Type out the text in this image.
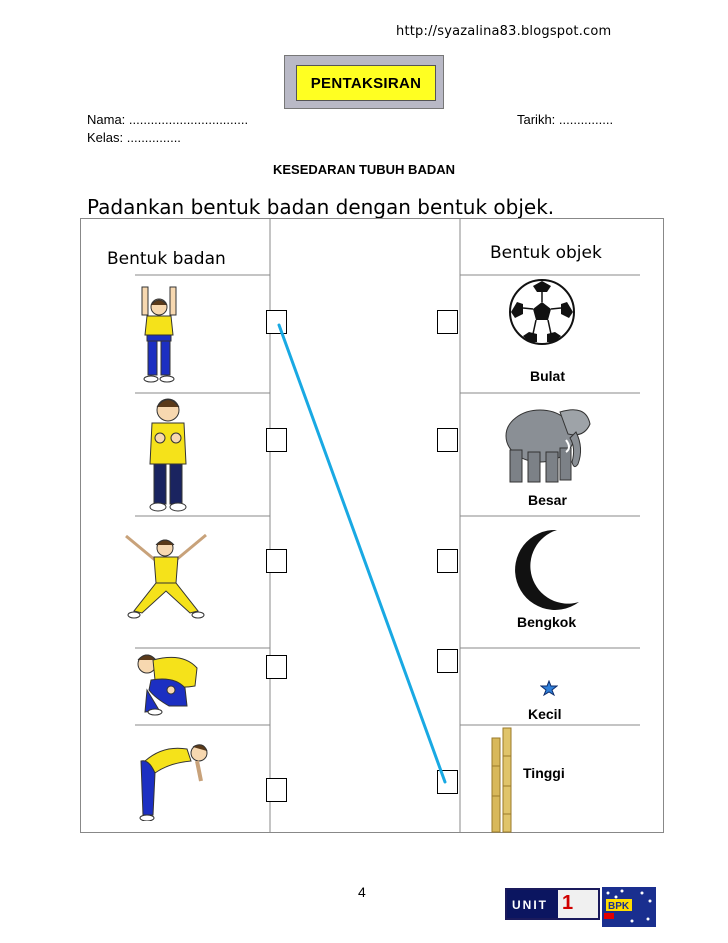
http://syazalina83.blogspot.com
PENTAKSIRAN
Nama: .................................	Tarikh: ...............
Kelas: ...............
KESEDARAN TUBUH BADAN
Padankan bentuk badan dengan bentuk objek.
Bentuk badan	Bentuk objek
Bulat
Besar
Bengkok
Kecil
Tinggi
4
UNIT 1	BPK
